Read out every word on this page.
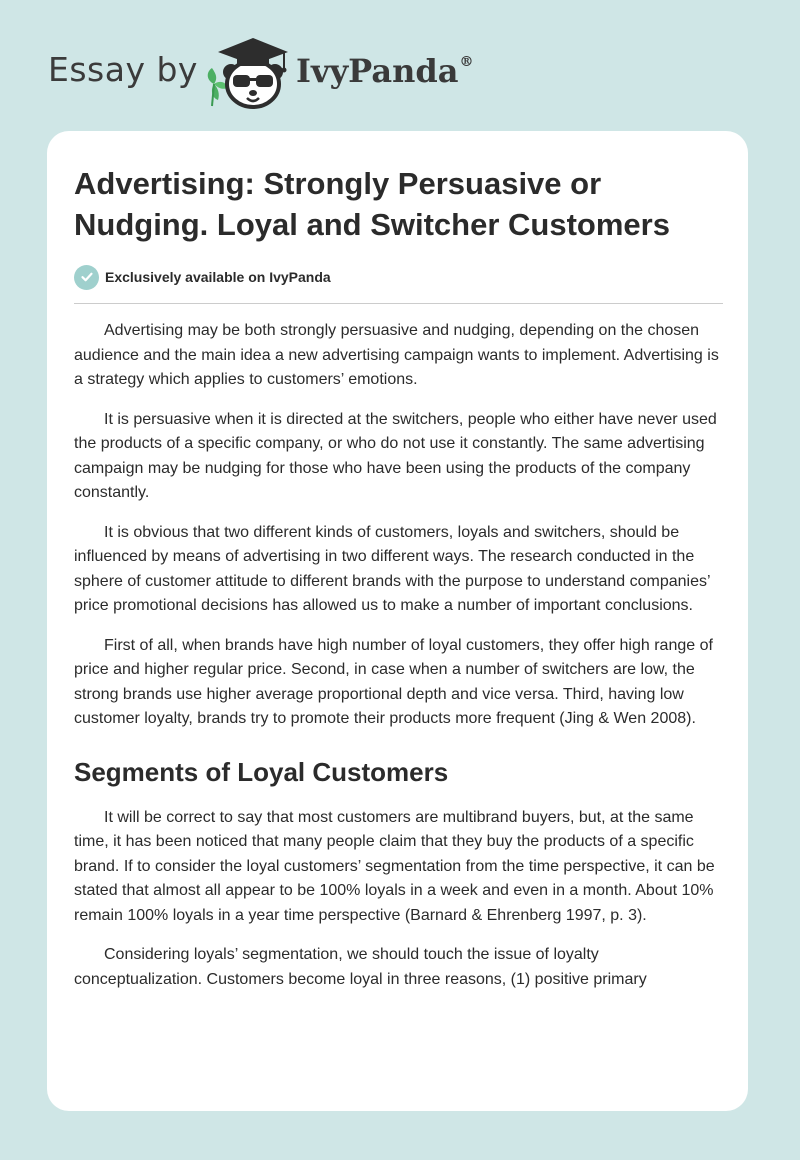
Essay by	IvyPanda®
Advertising: Strongly Persuasive or Nudging. Loyal and Switcher Customers
Exclusively available on IvyPanda

Advertising may be both strongly persuasive and nudging, depending on the chosen audience and the main idea a new advertising campaign wants to implement. Advertising is a strategy which applies to customers’ emotions.

It is persuasive when it is directed at the switchers, people who either have never used the products of a specific company, or who do not use it constantly. The same advertising campaign may be nudging for those who have been using the products of the company constantly.

It is obvious that two different kinds of customers, loyals and switchers, should be influenced by means of advertising in two different ways. The research conducted in the sphere of customer attitude to different brands with the purpose to understand companies’ price promotional decisions has allowed us to make a number of important conclusions.

First of all, when brands have high number of loyal customers, they offer high range of price and higher regular price. Second, in case when a number of switchers are low, the strong brands use higher average proportional depth and vice versa. Third, having low customer loyalty, brands try to promote their products more frequent (Jing & Wen 2008).

Segments of Loyal Customers

It will be correct to say that most customers are multibrand buyers, but, at the same time, it has been noticed that many people claim that they buy the products of a specific brand. If to consider the loyal customers’ segmentation from the time perspective, it can be stated that almost all appear to be 100% loyals in a week and even in a month. About 10% remain 100% loyals in a year time perspective (Barnard & Ehrenberg 1997, p. 3).

Considering loyals’ segmentation, we should touch the issue of loyalty conceptualization. Customers become loyal in three reasons, (1) positive primary
